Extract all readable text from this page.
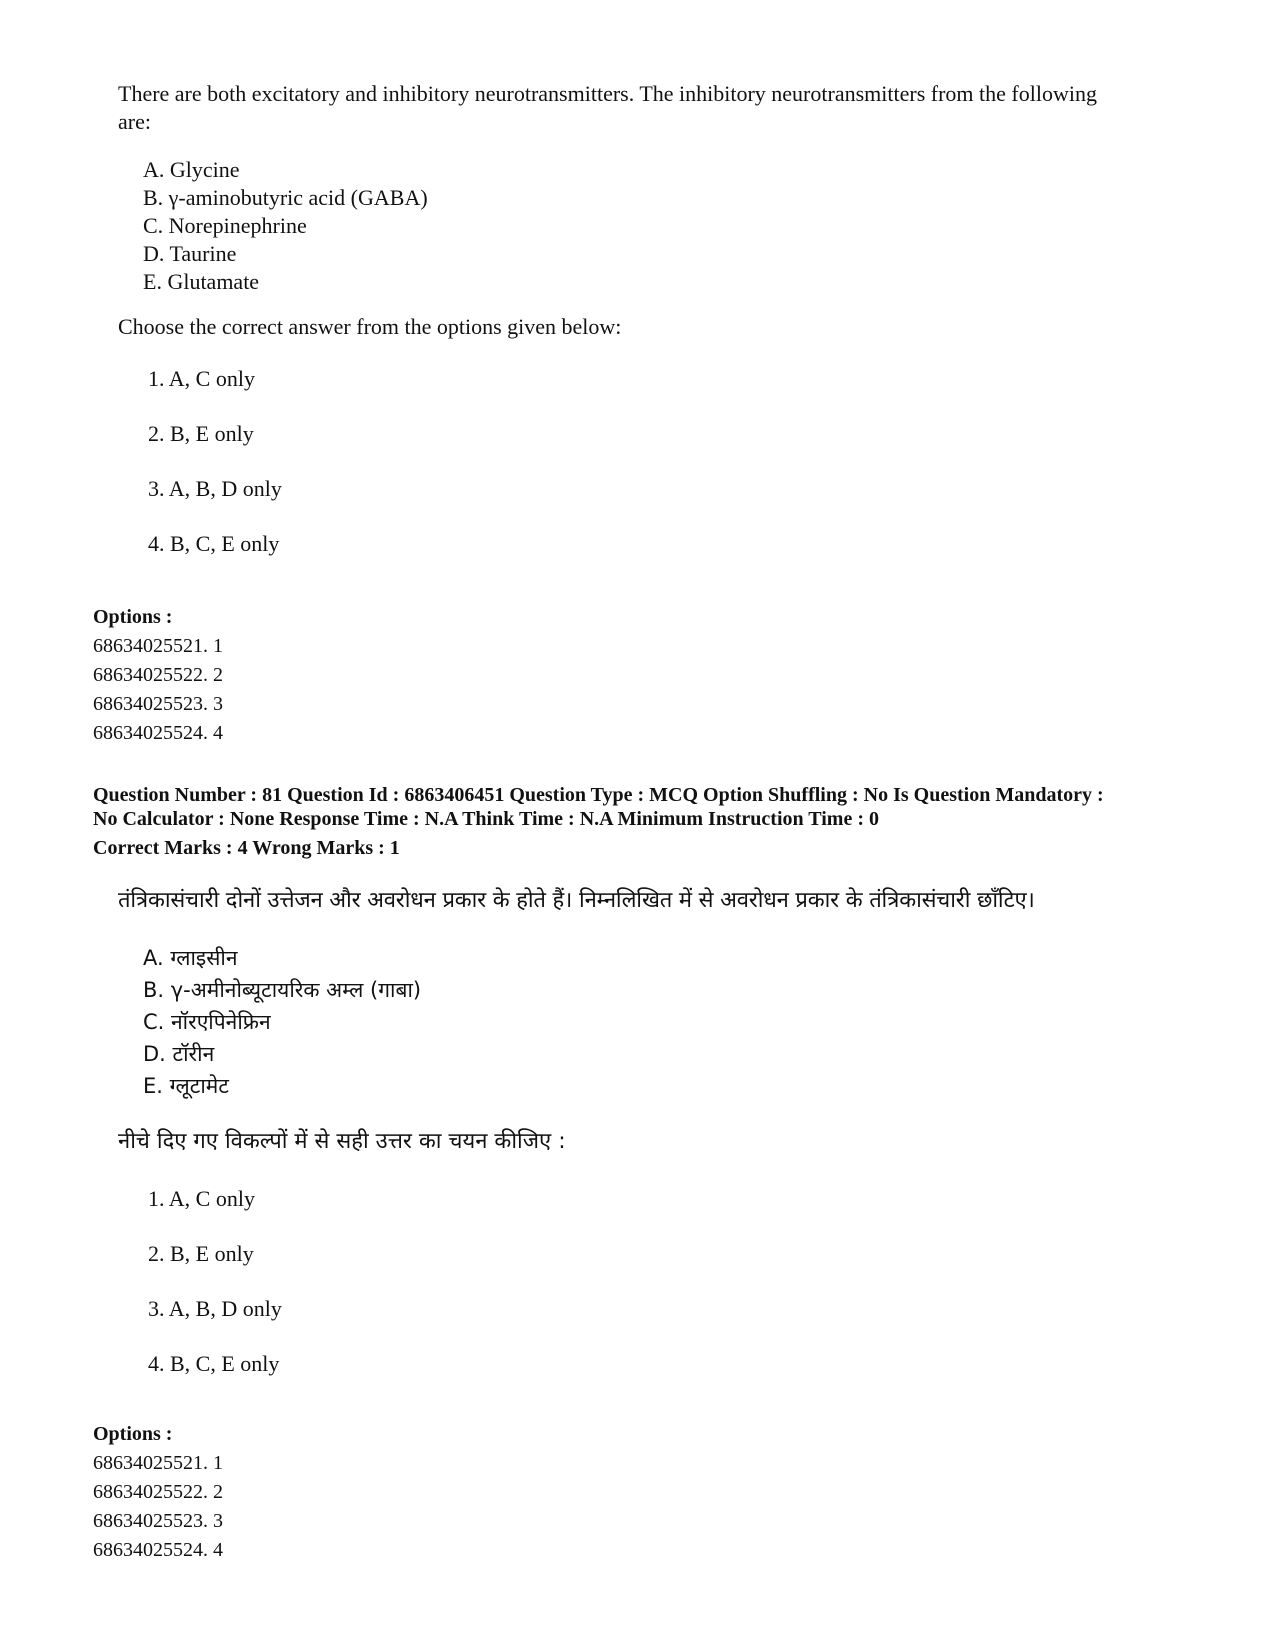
There are both excitatory and inhibitory neurotransmitters. The inhibitory neurotransmitters from the following are:
A. Glycine
B. γ-aminobutyric acid (GABA)
C. Norepinephrine
D. Taurine
E. Glutamate
Choose the correct answer from the options given below:
1. A, C only
2. B, E only
3. A, B, D only
4. B, C, E only
Options :
68634025521. 1
68634025522. 2
68634025523. 3
68634025524. 4
Question Number : 81 Question Id : 6863406451 Question Type : MCQ Option Shuffling : No Is Question Mandatory :
No Calculator : None Response Time : N.A Think Time : N.A Minimum Instruction Time : 0
Correct Marks : 4 Wrong Marks : 1
तंत्रिकासंचारी दोनों उत्तेजन और अवरोधन प्रकार के होते हैं। निम्नलिखित में से अवरोधन प्रकार के तंत्रिकासंचारी छाँटिए।
A. ग्लाइसीन
B. γ-अमीनोब्यूटायरिक अम्ल (गाबा)
C. नॉरएपिनेफ्रिन
D. टॉरीन
E. ग्लूटामेट
नीचे दिए गए विकल्पों में से सही उत्तर का चयन कीजिए :
1. A, C only
2. B, E only
3. A, B, D only
4. B, C, E only
Options :
68634025521. 1
68634025522. 2
68634025523. 3
68634025524. 4
